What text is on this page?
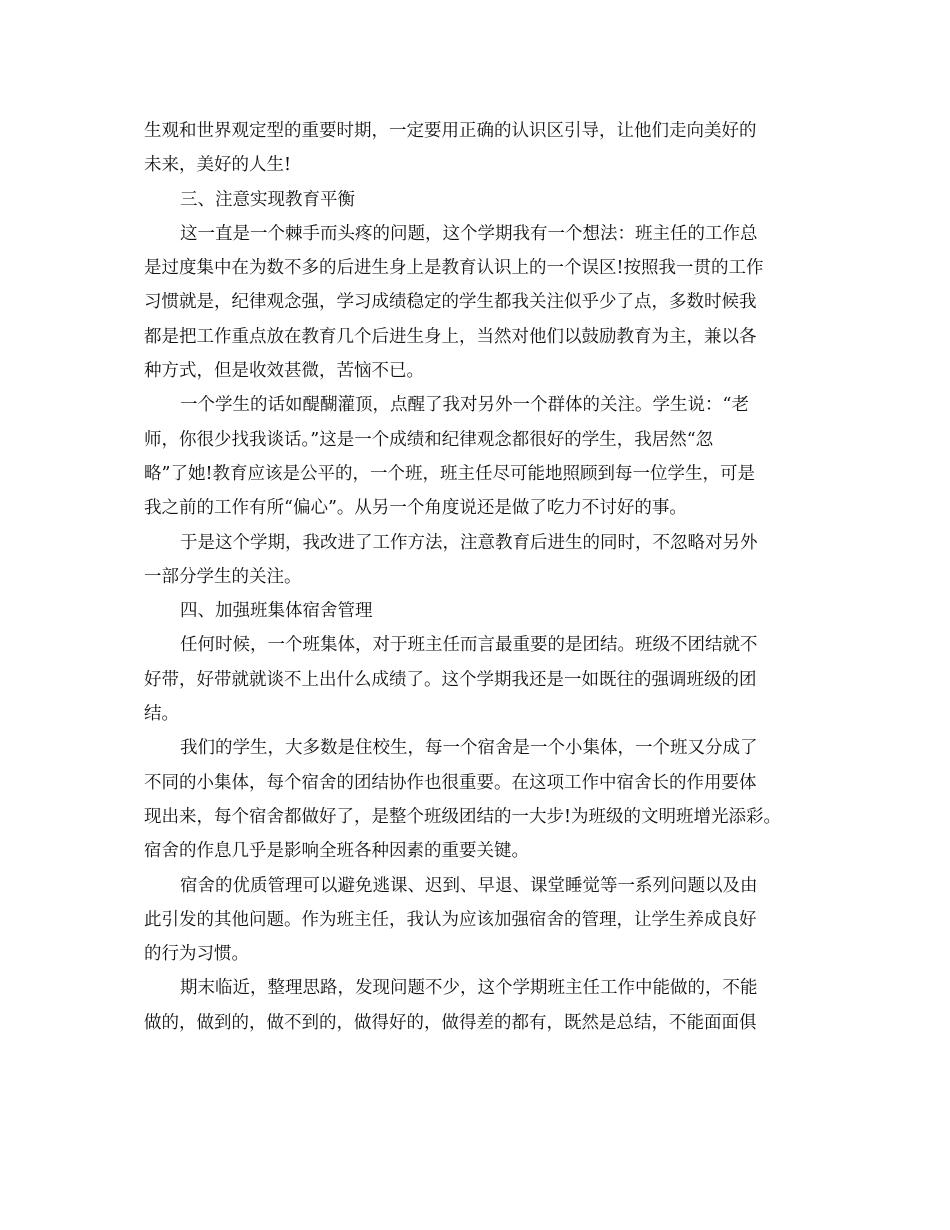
生观和世界观定型的重要时期，一定要用正确的认识区引导，让他们走向美好的
未来，美好的人生!
三、注意实现教育平衡
这一直是一个棘手而头疼的问题，这个学期我有一个想法：班主任的工作总
是过度集中在为数不多的后进生身上是教育认识上的一个误区!按照我一贯的工作
习惯就是，纪律观念强，学习成绩稳定的学生都我关注似乎少了点，多数时候我
都是把工作重点放在教育几个后进生身上，当然对他们以鼓励教育为主，兼以各
种方式，但是收效甚微，苦恼不已。
一个学生的话如醍醐灌顶，点醒了我对另外一个群体的关注。学生说：“老
师，你很少找我谈话。”这是一个成绩和纪律观念都很好的学生，我居然“忽
略”了她!教育应该是公平的，一个班，班主任尽可能地照顾到每一位学生，可是
我之前的工作有所“偏心”。从另一个角度说还是做了吃力不讨好的事。
于是这个学期，我改进了工作方法，注意教育后进生的同时，不忽略对另外
一部分学生的关注。
四、加强班集体宿舍管理
任何时候，一个班集体，对于班主任而言最重要的是团结。班级不团结就不
好带，好带就就谈不上出什么成绩了。这个学期我还是一如既往的强调班级的团
结。
我们的学生，大多数是住校生，每一个宿舍是一个小集体，一个班又分成了
不同的小集体，每个宿舍的团结协作也很重要。在这项工作中宿舍长的作用要体
现出来，每个宿舍都做好了，是整个班级团结的一大步!为班级的文明班增光添彩。
宿舍的作息几乎是影响全班各种因素的重要关键。
宿舍的优质管理可以避免逃课、迟到、早退、课堂睡觉等一系列问题以及由
此引发的其他问题。作为班主任，我认为应该加强宿舍的管理，让学生养成良好
的行为习惯。
期末临近，整理思路，发现问题不少，这个学期班主任工作中能做的，不能
做的，做到的，做不到的，做得好的，做得差的都有，既然是总结，不能面面俱
